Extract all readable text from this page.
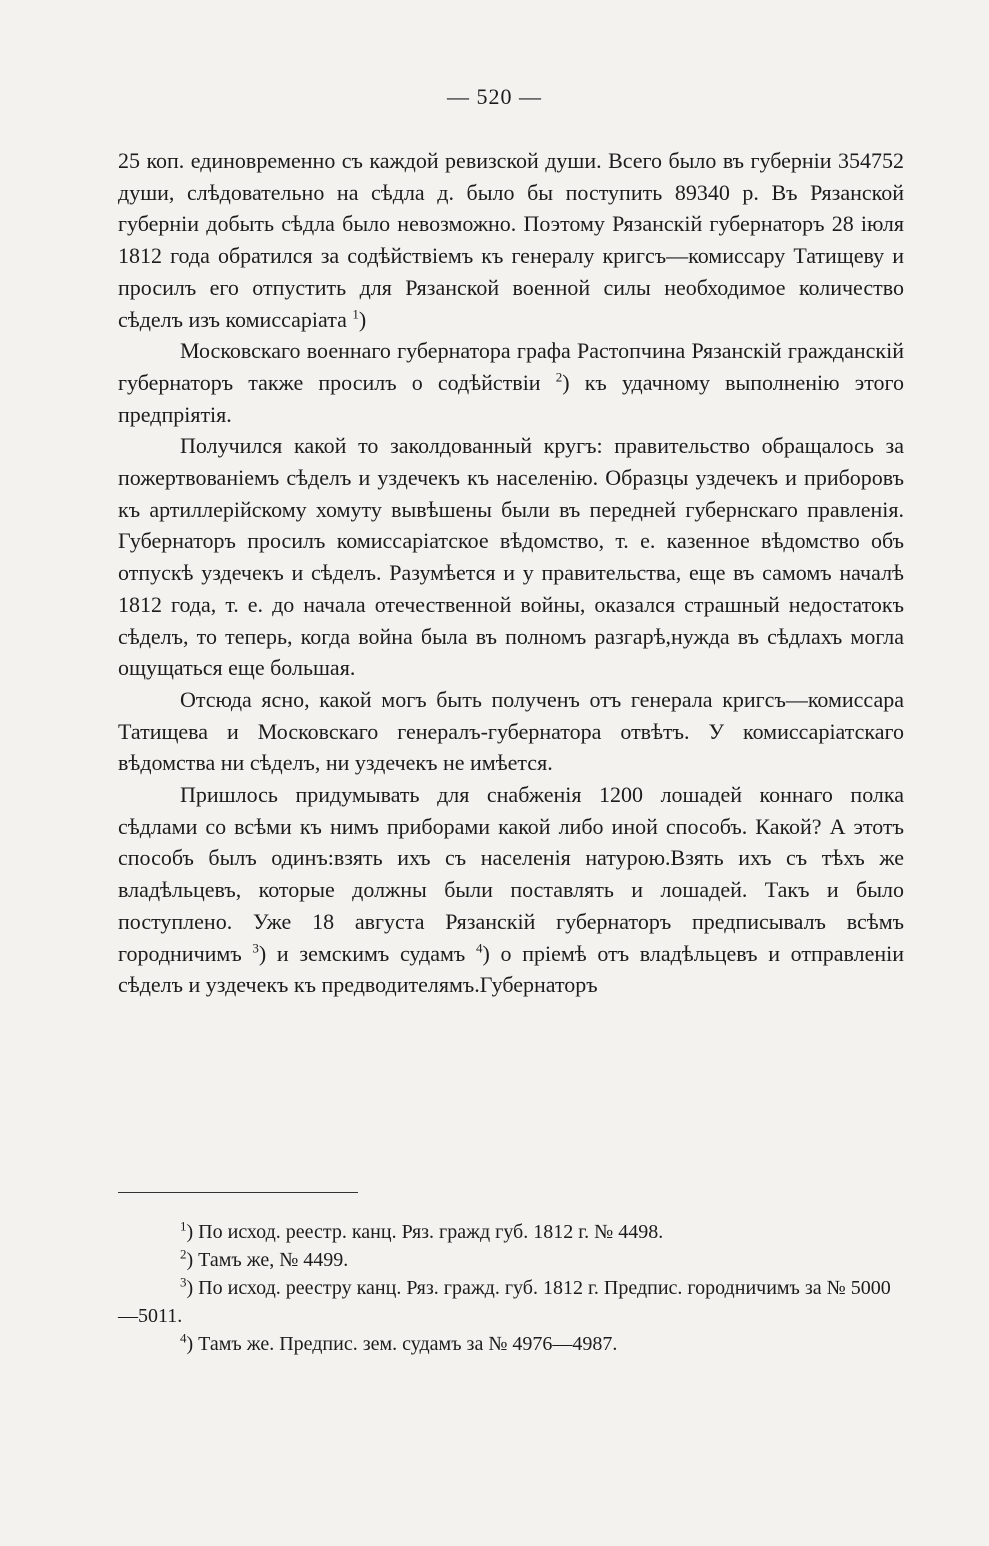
— 520 —

25 коп. единовременно съ каждой ревизской души. Всего было въ губерніи 354752 души, слѣдовательно на сѣдла д. было бы поступить 89340 р. Въ Рязанской губерніи добыть сѣдла было невозможно. Поэтому Рязанскій губернаторъ 28 іюля 1812 года обратился за содѣйствіемъ къ генералу кригсъ—комиссару Татищеву и просилъ его отпустить для Рязанской военной силы необходимое количество сѣделъ изъ комиссаріата $^1$)

Московскаго военнаго губернатора графа Растопчина Рязанскій гражданскій губернаторъ также просилъ о содѣйствіи $^2$) къ удачному выполненію этого предпріятія.

Получился какой то заколдованный кругъ: правительство обращалось за пожертвованіемъ сѣделъ и уздечекъ къ населенію. Образцы уздечекъ и приборовъ къ артиллерійскому хомуту вывѣшены были въ передней губернскаго правленія. Губернаторъ просилъ комиссаріатское вѣдомство, т. е. казенное вѣдомство объ отпускѣ уздечекъ и сѣделъ. Разумѣется и у правительства, еще въ самомъ началѣ 1812 года, т. е. до начала отечественной войны, оказался страшный недостатокъ сѣделъ, то теперь, когда война была въ полномъ разгарѣ,нужда въ сѣдлахъ могла ощущаться еще большая.

Отсюда ясно, какой могъ быть полученъ отъ генерала кригсъ—комиссара Татищева и Московскаго генералъ-губернатора отвѣтъ. У комиссаріатскаго вѣдомства ни сѣделъ, ни уздечекъ не имѣется.

Пришлось придумывать для снабженія 1200 лошадей коннаго полка сѣдлами со всѣми къ нимъ приборами какой либо иной способъ. Какой? А этотъ способъ былъ одинъ:взять ихъ съ населенія натурою.Взять ихъ съ тѣхъ же владѣльцевъ, которые должны были поставлять и лошадей. Такъ и было поступлено. Уже 18 августа Рязанскій губернаторъ предписывалъ всѣмъ городничимъ $^3$) и земскимъ судамъ $^4$) о пріемѣ отъ владѣльцевъ и отправленіи сѣделъ и уздечекъ къ предводителямъ.Губернаторъ

$^1$) По исход. реестр. канц. Ряз. гражд губ. 1812 г. № 4498.

$^2$) Тамъ же, № 4499.

$^3$) По исход. реестру канц. Ряз. гражд. губ. 1812 г. Предпис. городничимъ за № 5000—5011.

$^4$) Тамъ же. Предпис. зем. судамъ за № 4976—4987.
